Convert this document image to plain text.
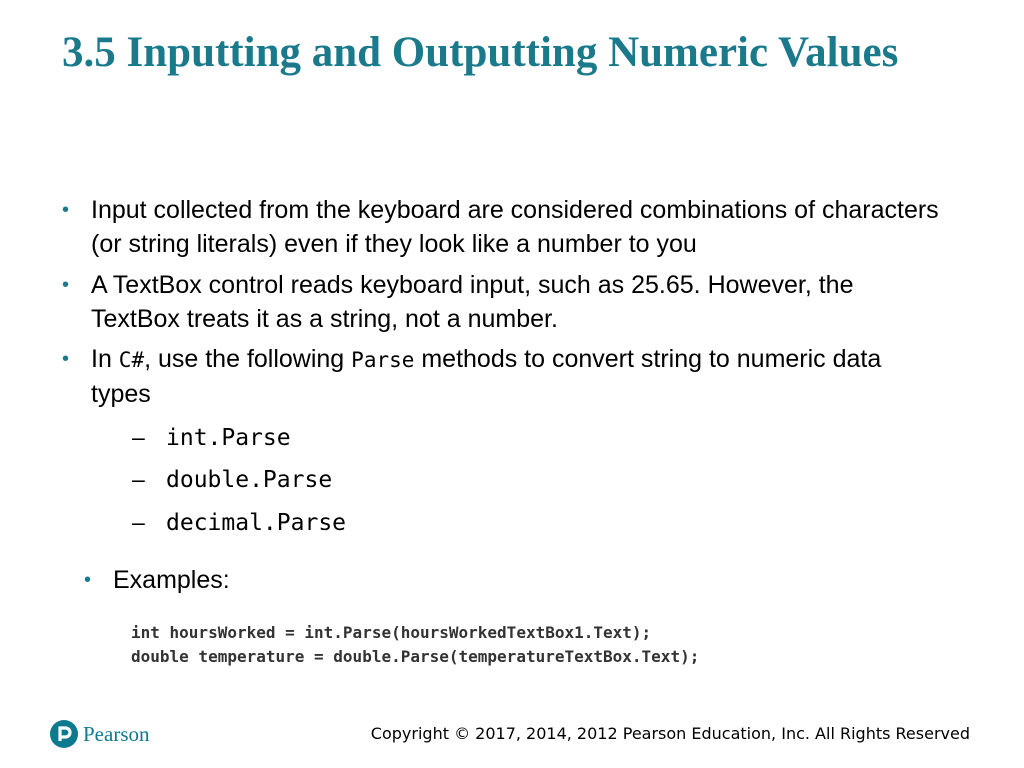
3.5 Inputting and Outputting Numeric Values
• Input collected from the keyboard are considered combinations of characters (or string literals) even if they look like a number to you
• A TextBox control reads keyboard input, such as 25.65. However, the TextBox treats it as a string, not a number.
• In C#, use the following Parse methods to convert string to numeric data types
– int.Parse
– double.Parse
– decimal.Parse
• Examples:
int hoursWorked = int.Parse(hoursWorkedTextBox1.Text);
double temperature = double.Parse(temperatureTextBox.Text);
Pearson	Copyright © 2017, 2014, 2012 Pearson Education, Inc. All Rights Reserved
